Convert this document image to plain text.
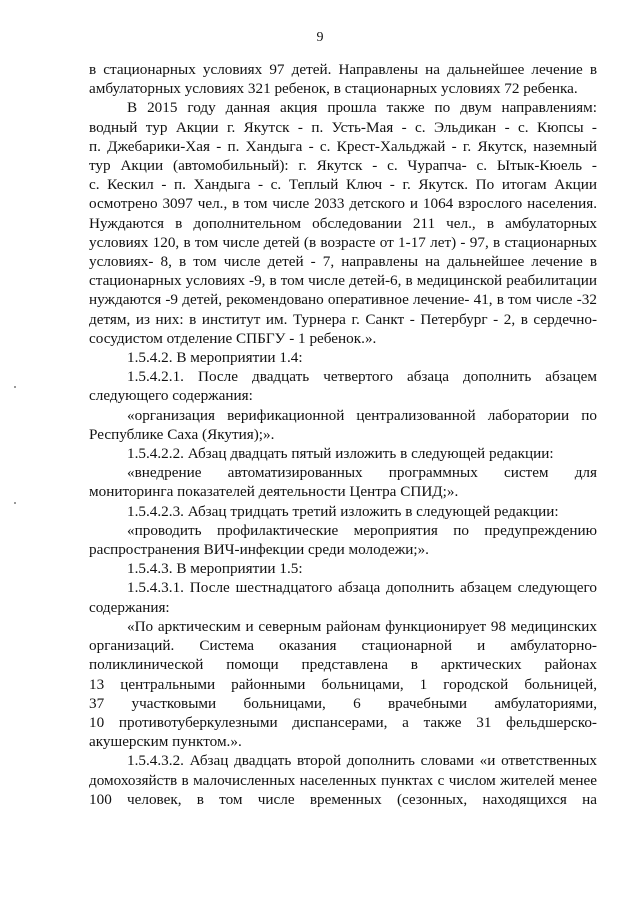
9
в стационарных условиях 97 детей. Направлены на дальнейшее лечение в
амбулаторных условиях 321 ребенок, в стационарных условиях 72 ребенка.
В 2015 году данная акция прошла также по двум направлениям:
водный тур Акции г. Якутск - п. Усть-Мая - с. Эльдикан - с. Кюпсы -
п. Джебарики-Хая - п. Хандыга - с. Крест-Хальджай - г. Якутск, наземный
тур Акции (автомобильный): г. Якутск - с. Чурапча- с. Ытык-Кюель -
с. Кескил - п. Хандыга - с. Теплый Ключ - г. Якутск. По итогам Акции
осмотрено 3097 чел., в том числе 2033 детского и 1064 взрослого населения.
Нуждаются в дополнительном обследовании 211 чел., в амбулаторных
условиях 120, в том числе детей (в возрасте от 1-17 лет) - 97, в стационарных
условиях- 8, в том числе детей - 7, направлены на дальнейшее лечение в
стационарных условиях -9, в том числе детей-6, в медицинской реабилитации
нуждаются -9 детей, рекомендовано оперативное лечение- 41, в том числе -32
детям, из них: в институт им. Турнера г. Санкт - Петербург - 2, в сердечно-
сосудистом отделение СПБГУ - 1 ребенок.».
1.5.4.2. В мероприятии 1.4:
1.5.4.2.1. После двадцать четвертого абзаца дополнить абзацем
следующего содержания:
«организация верификационной централизованной лаборатории по
Республике Саха (Якутия);».
1.5.4.2.2. Абзац двадцать пятый изложить в следующей редакции:
«внедрение автоматизированных программных систем для
мониторинга показателей деятельности Центра СПИД;».
1.5.4.2.3. Абзац тридцать третий изложить в следующей редакции:
«проводить профилактические мероприятия по предупреждению
распространения ВИЧ-инфекции среди молодежи;».
1.5.4.3. В мероприятии 1.5:
1.5.4.3.1. После шестнадцатого абзаца дополнить абзацем следующего
содержания:
«По арктическим и северным районам функционирует 98 медицинских
организаций. Система оказания стационарной и амбулаторно-
поликлинической помощи представлена в арктических районах
13 центральными районными больницами, 1 городской больницей,
37 участковыми больницами, 6 врачебными амбулаториями,
10 противотуберкулезными диспансерами, а также 31 фельдшерско-
акушерским пунктом.».
1.5.4.3.2. Абзац двадцать второй дополнить словами «и ответственных
домохозяйств в малочисленных населенных пунктах с числом жителей менее
100 человек, в том числе временных (сезонных, находящихся на
